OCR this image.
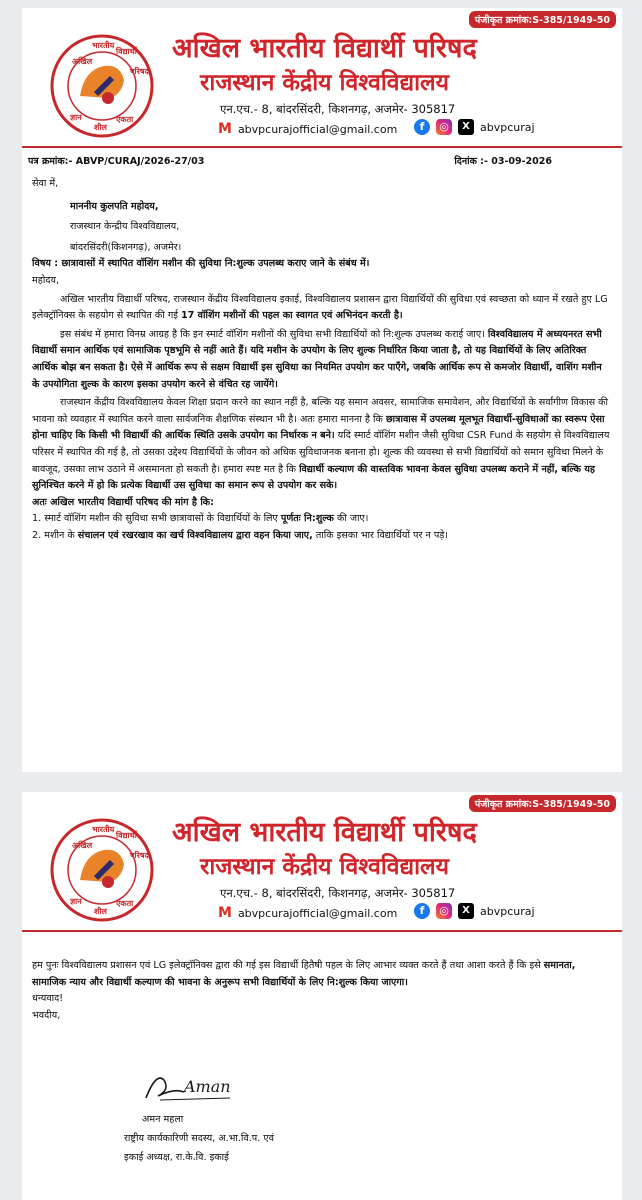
पंजीकृत क्रमांक:S-385/1949-50
अखिल
भारतीय
विद्यार्थी
परिषद
ज्ञान
शील
एकता
अखिल भारतीय विद्यार्थी परिषद
राजस्थान केंद्रीय विश्वविद्यालय
एन.एच.- 8, बांदरसिंदरी, किशनगढ़, अजमेर- 305817
M abvpcurajofficial@gmail.com	f	◎	X abvpcuraj
पत्र क्रमांक:- ABVP/CURAJ/2026-27/03	दिनांक :- 03-09-2026

सेवा में,

माननीय कुलपति महोदय,

राजस्थान केन्द्रीय विश्वविद्यालय,

बांदरसिंदरी(किशनगढ़), अजमेर।

विषय : छात्रावासों में स्थापित वॉशिंग मशीन की सुविधा नि:शुल्क उपलब्ध कराए जाने के संबंध में।

महोदय,

अखिल भारतीय विद्यार्थी परिषद, राजस्थान केंद्रीय विश्वविद्यालय इकाई, विश्वविद्यालय प्रशासन द्वारा विद्यार्थियों की सुविधा एवं स्वच्छता को ध्यान में रखते हुए LG इलेक्ट्रॉनिक्स के सहयोग से स्थापित की गई 17 वॉशिंग मशीनों की पहल का स्वागत एवं अभिनंदन करती है।

इस संबंध में हमारा विनम्र आग्रह है कि इन स्मार्ट वॉशिंग मशीनों की सुविधा सभी विद्यार्थियों को नि:शुल्क उपलब्ध कराई जाए। विश्वविद्यालय में अध्ययनरत सभी विद्यार्थी समान आर्थिक एवं सामाजिक पृष्ठभूमि से नहीं आते हैं। यदि मशीन के उपयोग के लिए शुल्क निर्धारित किया जाता है, तो यह विद्यार्थियों के लिए अतिरिक्त आर्थिक बोझ बन सकता है। ऐसे में आर्थिक रूप से सक्षम विद्यार्थी इस सुविधा का नियमित उपयोग कर पाएँगे, जबकि आर्थिक रूप से कमजोर विद्यार्थी, वाशिंग मशीन के उपयोगिता शुल्क के कारण इसका उपयोग करने से वंचित रह जायेंगे।

राजस्थान केंद्रीय विश्वविद्यालय केवल शिक्षा प्रदान करने का स्थान नहीं है, बल्कि यह समान अवसर, सामाजिक समावेशन, और विद्यार्थियों के सर्वांगीण विकास की भावना को व्यवहार में स्थापित करने वाला सार्वजनिक शैक्षणिक संस्थान भी है। अतः हमारा मानना है कि छात्रावास में उपलब्ध मूलभूत विद्यार्थी-सुविधाओं का स्वरूप ऐसा होना चाहिए कि किसी भी विद्यार्थी की आर्थिक स्थिति उसके उपयोग का निर्धारक न बने। यदि स्मार्ट वॉशिंग मशीन जैसी सुविधा CSR Fund के सहयोग से विश्वविद्यालय परिसर में स्थापित की गई है, तो उसका उद्देश्य विद्यार्थियों के जीवन को अधिक सुविधाजनक बनाना हो। शुल्क की व्यवस्था से सभी विद्यार्थियों को समान सुविधा मिलने के बावजूद, उसका लाभ उठाने में असमानता हो सकती है। हमारा स्पष्ट मत है कि विद्यार्थी कल्याण की वास्तविक भावना केवल सुविधा उपलब्ध कराने में नहीं, बल्कि यह सुनिश्चित करने में हो कि प्रत्येक विद्यार्थी उस सुविधा का समान रूप से उपयोग कर सके।

अतः अखिल भारतीय विद्यार्थी परिषद की मांग है कि:

1. स्मार्ट वॉशिंग मशीन की सुविधा सभी छात्रावासों के विद्यार्थियों के लिए पूर्णतः नि:शुल्क की जाए।

2. मशीन के संचालन एवं रखरखाव का खर्च विश्वविद्यालय द्वारा वहन किया जाए, ताकि इसका भार विद्यार्थियों पर न पड़े।

पंजीकृत क्रमांक:S-385/1949-50
अखिल
भारतीय
विद्यार्थी
परिषद
ज्ञान
शील
एकता
अखिल भारतीय विद्यार्थी परिषद
राजस्थान केंद्रीय विश्वविद्यालय
एन.एच.- 8, बांदरसिंदरी, किशनगढ़, अजमेर- 305817
M abvpcurajofficial@gmail.com	f	◎	X abvpcuraj

हम पुनः विश्वविद्यालय प्रशासन एवं LG इलेक्ट्रॉनिक्स द्वारा की गई इस विद्यार्थी हितैषी पहल के लिए आभार व्यक्त करते हैं तथा आशा करते हैं कि इसे समानता, सामाजिक न्याय और विद्यार्थी कल्याण की भावना के अनुरूप सभी विद्यार्थियों के लिए नि:शुल्क किया जाएगा।

धन्यवाद!

भवदीय,

Aman
अमन महला
राष्ट्रीय कार्यकारिणी सदस्य, अ.भा.वि.प. एवं
इकाई अध्यक्ष, रा.के.वि. इकाई
